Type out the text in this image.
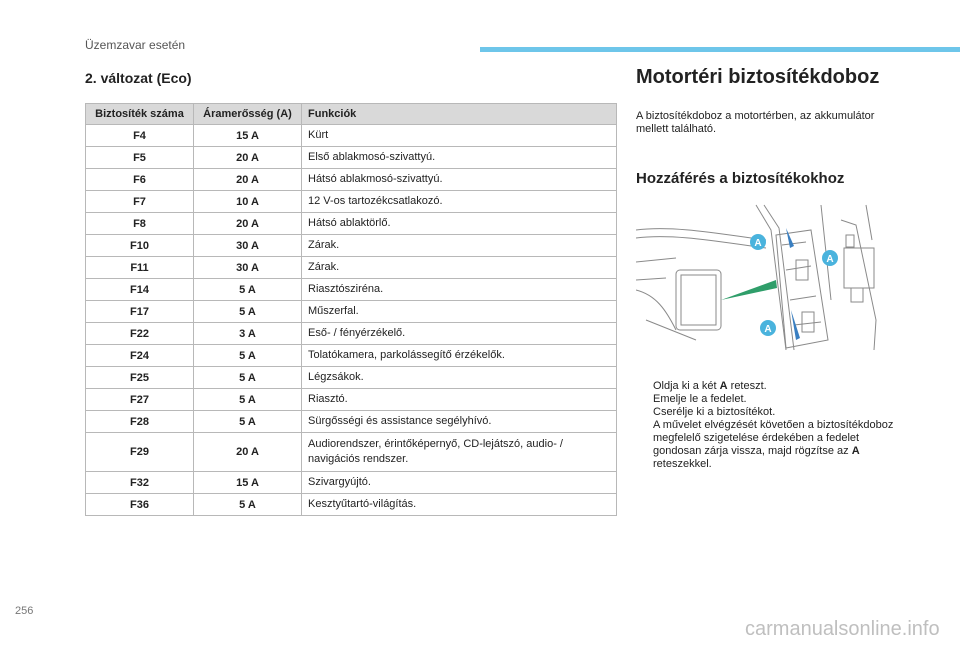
Üzemzavar esetén
2. változat (Eco)
Biztosíték száma	Áramerősség (A)	Funkciók
F4	15 A	Kürt
F5	20 A	Első ablakmosó-szivattyú.
F6	20 A	Hátsó ablakmosó-szivattyú.
F7	10 A	12 V-os tartozékcsatlakozó.
F8	20 A	Hátsó ablaktörlő.
F10	30 A	Zárak.
F11	30 A	Zárak.
F14	5 A	Riasztósziréna.
F17	5 A	Műszerfal.
F22	3 A	Eső- / fényérzékelő.
F24	5 A	Tolatókamera, parkolássegítő érzékelők.
F25	5 A	Légzsákok.
F27	5 A	Riasztó.
F28	5 A	Sürgősségi és assistance segélyhívó.
F29	20 A	Audiorendszer, érintőképernyő, CD-lejátszó, audio- / navigációs rendszer.
F32	15 A	Szivargyújtó.
F36	5 A	Kesztyűtartó-világítás.
Motortéri biztosítékdoboz
A biztosítékdoboz a motortérben, az akkumulátor mellett található.
Hozzáférés a biztosítékokhoz
A
A
A
Oldja ki a két A reteszt.
Emelje le a fedelet.
Cserélje ki a biztosítékot.
A művelet elvégzését követően a biztosítékdoboz megfelelő szigetelése érdekében a fedelet gondosan zárja vissza, majd rögzítse az A reteszekkel.
256
carmanualsonline.info
